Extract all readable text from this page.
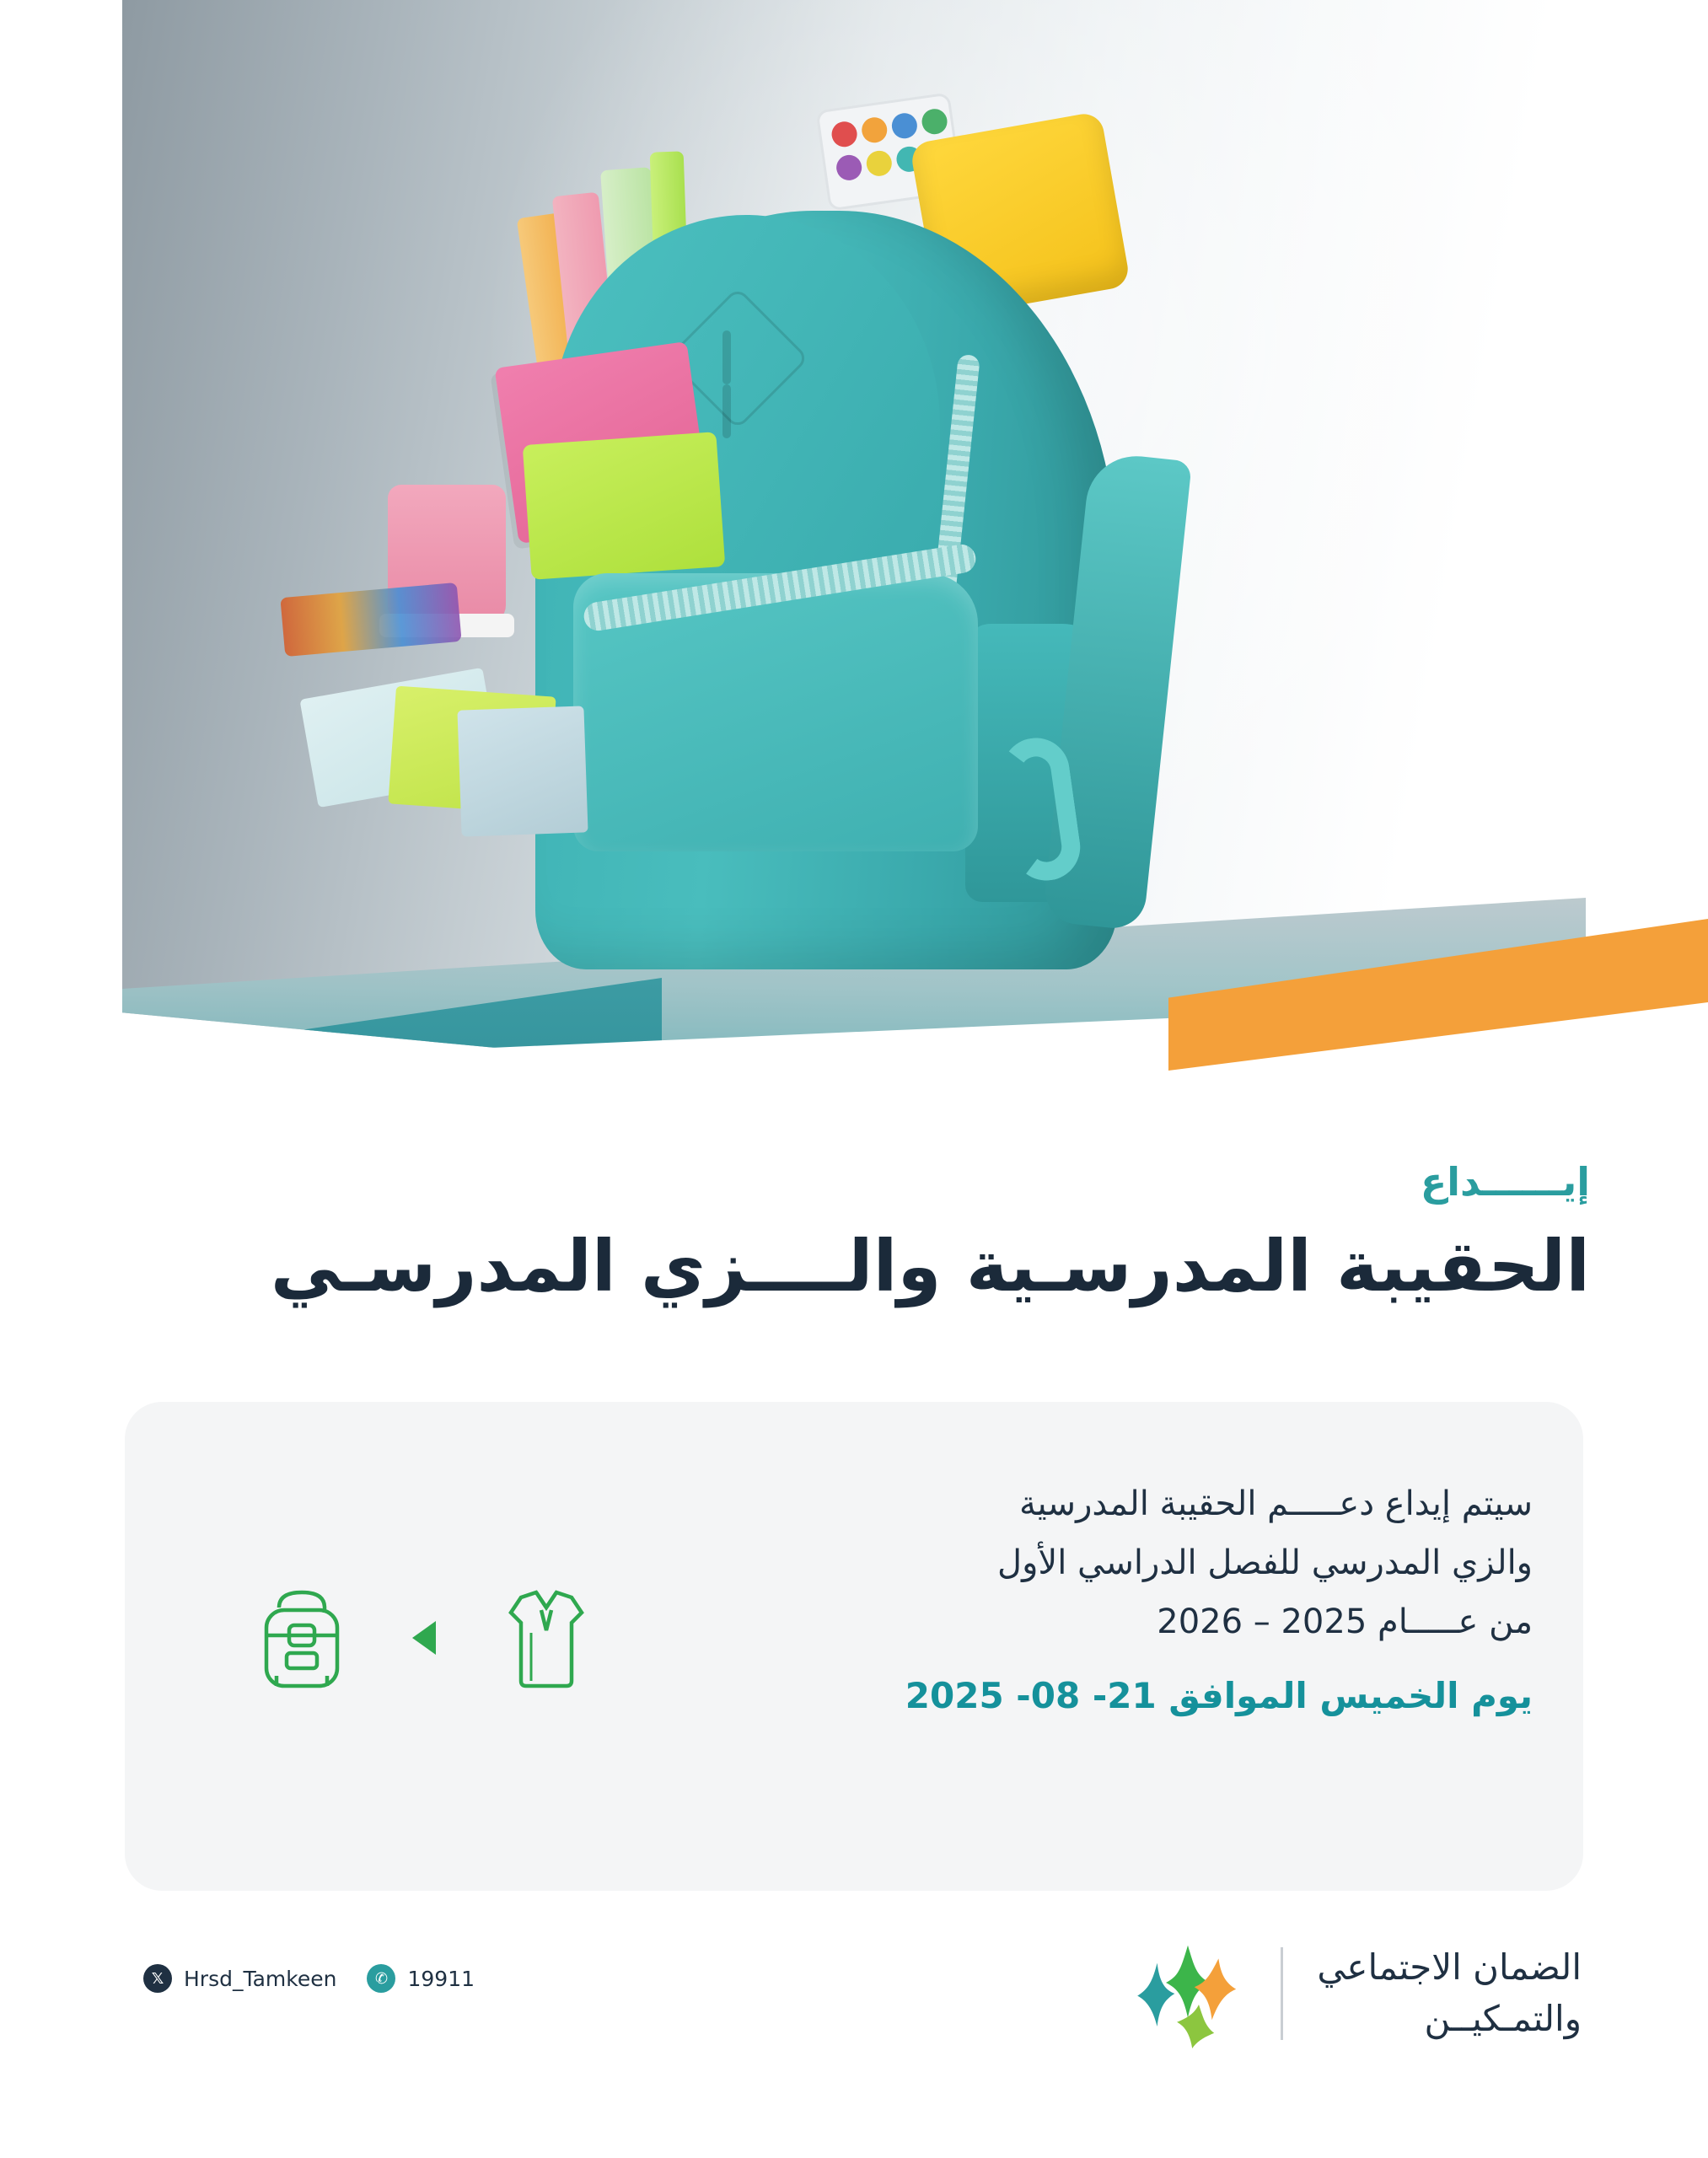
إيــــــداع
الحقيبة المدرسـية والــــزي المدرسـي
سيتم إيداع دعـــــم الحقيبة المدرسية
والزي المدرسي للفصل الدراسي الأول
من عـــــام 2025 – 2026
يوم الخميس الموافق 21- 08- 2025
𝕏 Hrsd_Tamkeen	✆ 19911	الضمان الاجتماعي
والتمـكيــن
